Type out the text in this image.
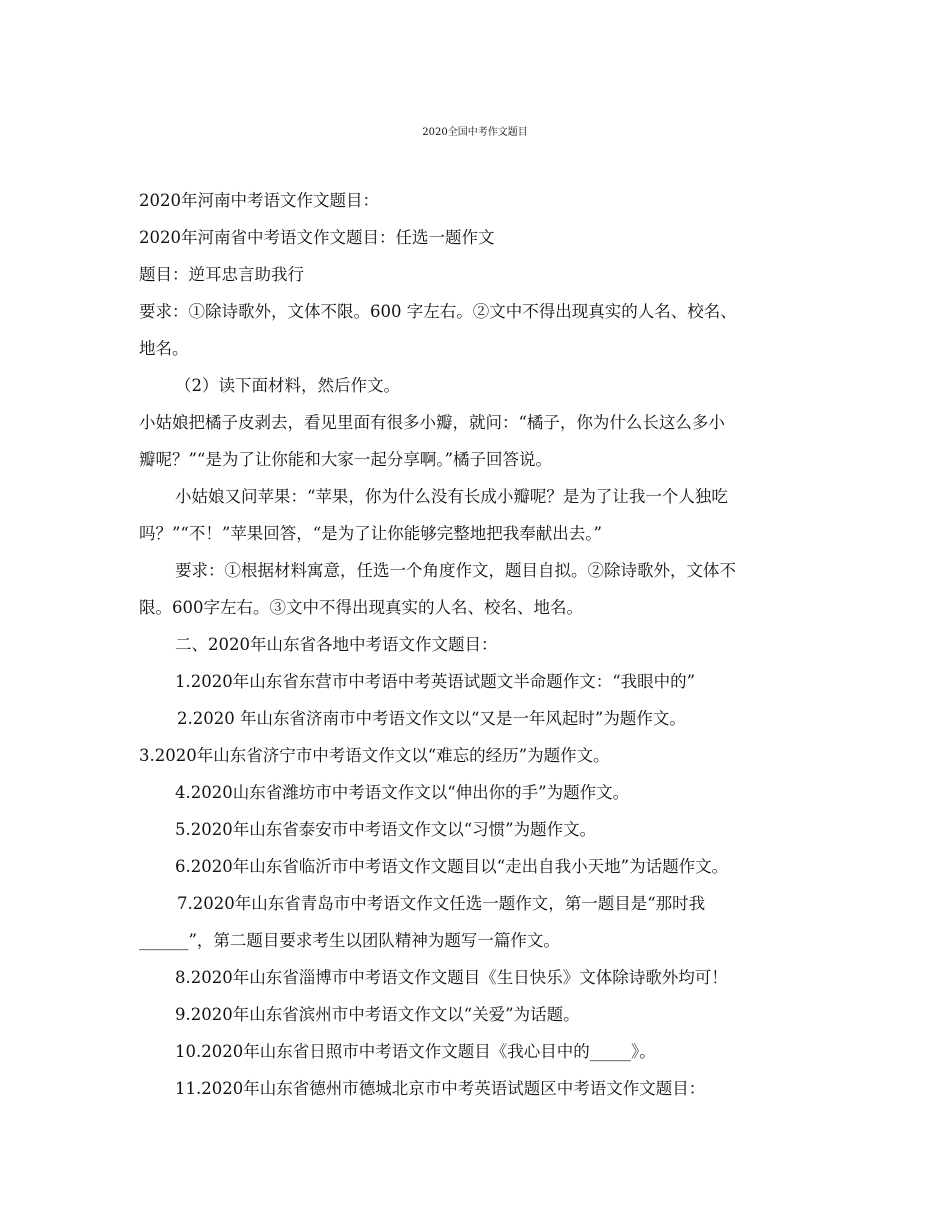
2020全国中考作文题目
2020年河南中考语文作文题目：
2020年河南省中考语文作文题目：任选一题作文
题目：逆耳忠言助我行
要求：①除诗歌外，文体不限。600 字左右。②文中不得出现真实的人名、校名、
地名。
（2）读下面材料，然后作文。
小姑娘把橘子皮剥去，看见里面有很多小瓣，就问：“橘子，你为什么长这么多小
瓣呢？”“是为了让你能和大家一起分享啊。”橘子回答说。
小姑娘又问苹果：“苹果，你为什么没有长成小瓣呢？是为了让我一个人独吃
吗？”“不！”苹果回答，“是为了让你能够完整地把我奉献出去。”
要求：①根据材料寓意，任选一个角度作文，题目自拟。②除诗歌外，文体不
限。600字左右。③文中不得出现真实的人名、校名、地名。
二、2020年山东省各地中考语文作文题目：
1.2020年山东省东营市中考语中考英语试题文半命题作文：“我眼中的”
2.2020 年山东省济南市中考语文作文以“又是一年风起时”为题作文。
3.2020年山东省济宁市中考语文作文以“难忘的经历”为题作文。
4.2020山东省潍坊市中考语文作文以“伸出你的手”为题作文。
5.2020年山东省泰安市中考语文作文以“习惯”为题作文。
6.2020年山东省临沂市中考语文作文题目以“走出自我小天地”为话题作文。
7.2020年山东省青岛市中考语文作文任选一题作文，第一题目是“那时我
______”，第二题目要求考生以团队精神为题写一篇作文。
8.2020年山东省淄博市中考语文作文题目《生日快乐》文体除诗歌外均可！
9.2020年山东省滨州市中考语文作文以“关爱”为话题。
10.2020年山东省日照市中考语文作文题目《我心目中的_____》。
11.2020年山东省德州市德城北京市中考英语试题区中考语文作文题目：
